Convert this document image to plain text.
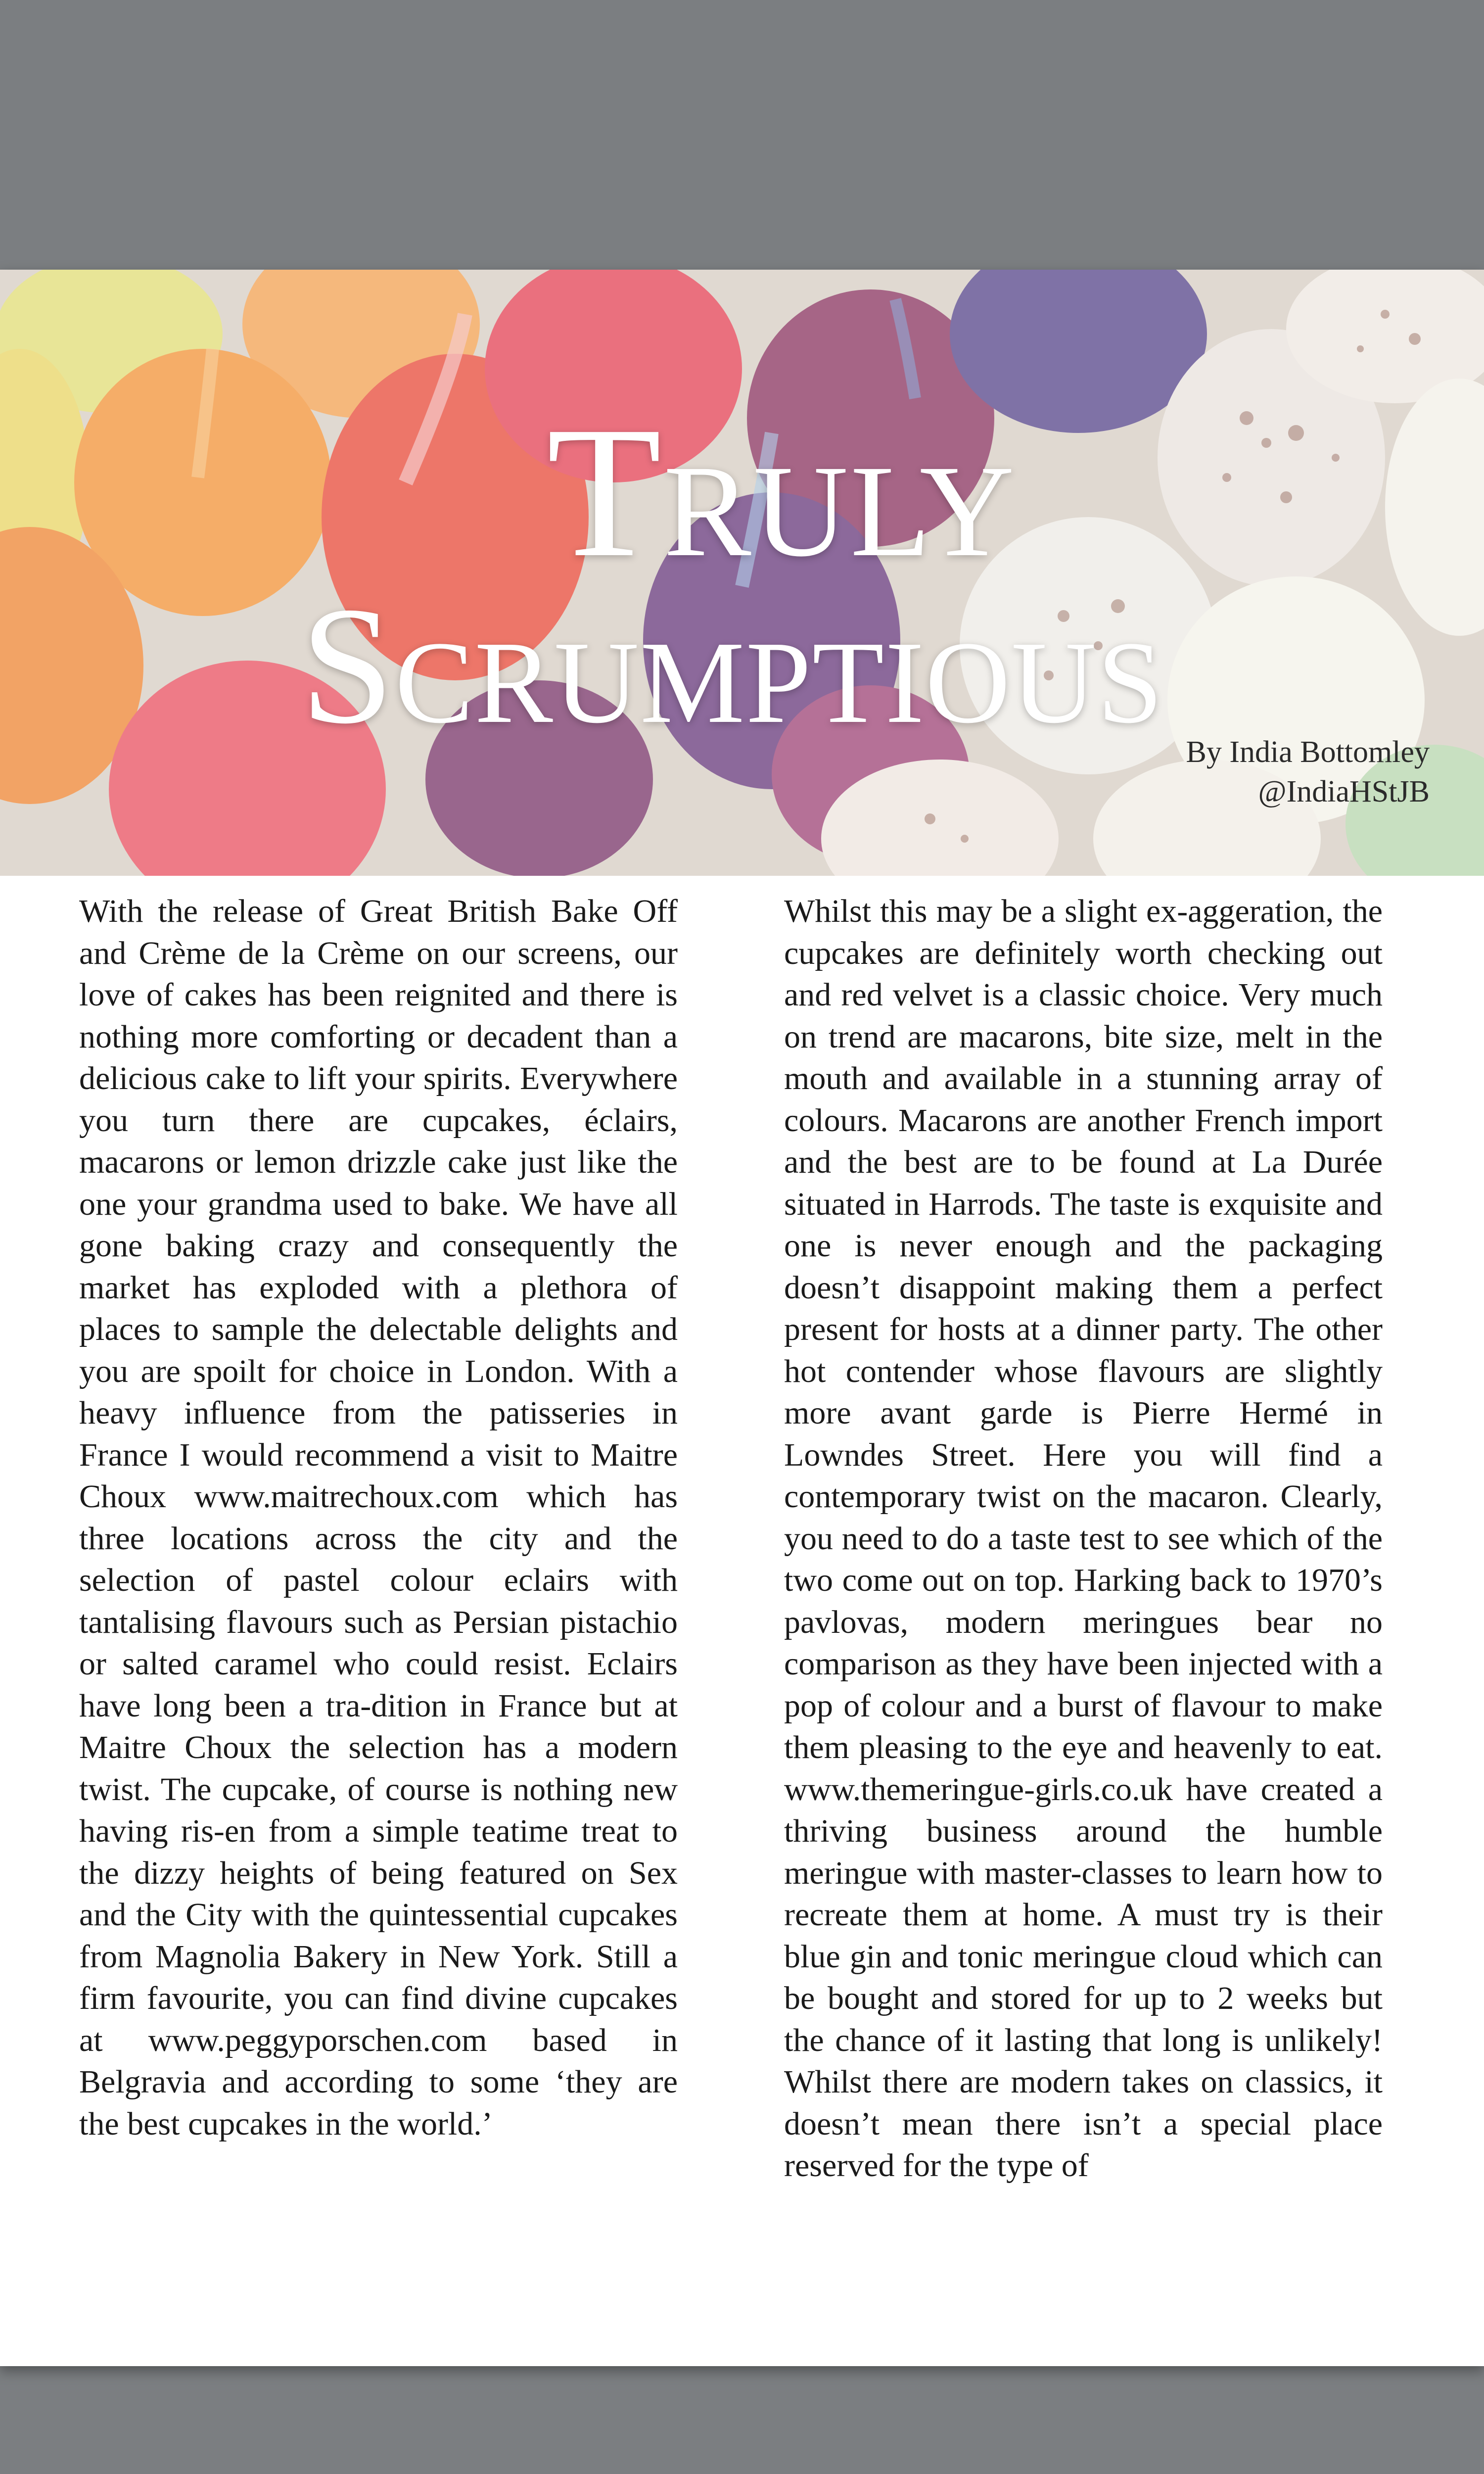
Truly
Scrumptious By India Bottomley
@IndiaHStJB
With the release of Great British Bake Off and Crème de la Crème on our screens, our love of cakes has been reignited and there is nothing more comforting or decadent than a delicious cake to lift your spirits. Everywhere you turn there are cupcakes, éclairs, macarons or lemon drizzle cake just like the one your grandma used to bake. We have all gone baking crazy and consequently the market has exploded with a plethora of places to sample the delectable delights and you are spoilt for choice in London. With a heavy influence from the patisseries in France I would recommend a visit to Maitre Choux www.maitrechoux.com which has three locations across the city and the selection of pastel colour eclairs with tantalising flavours such as Persian pistachio or salted caramel who could resist. Eclairs have long been a tra-dition in France but at Maitre Choux the selection has a modern twist. The cupcake, of course is nothing new having ris-en from a simple teatime treat to the dizzy heights of being featured on Sex and the City with the quintessential cupcakes from Magnolia Bakery in New York. Still a firm favourite, you can find divine cupcakes at www.peggyporschen.com based in Belgravia and according to some ‘they are the best cupcakes in the world.’
Whilst this may be a slight ex-aggeration, the cupcakes are definitely worth checking out and red velvet is a classic choice. Very much on trend are macarons, bite size, melt in the mouth and available in a stunning array of colours. Macarons are another French import and the best are to be found at La Durée situated in Harrods. The taste is exquisite and one is never enough and the packaging doesn’t disappoint making them a perfect present for hosts at a dinner party. The other hot contender whose flavours are slightly more avant garde is Pierre Hermé in Lowndes Street. Here you will find a contemporary twist on the macaron. Clearly, you need to do a taste test to see which of the two come out on top. Harking back to 1970’s pavlovas, modern meringues bear no comparison as they have been injected with a pop of colour and a burst of flavour to make them pleasing to the eye and heavenly to eat. www.themeringue-girls.co.uk have created a thriving business around the humble meringue with master-classes to learn how to recreate them at home. A must try is their blue gin and tonic meringue cloud which can be bought and stored for up to 2 weeks but the chance of it lasting that long is unlikely! Whilst there are modern takes on classics, it doesn’t mean there isn’t a special place reserved for the type of
